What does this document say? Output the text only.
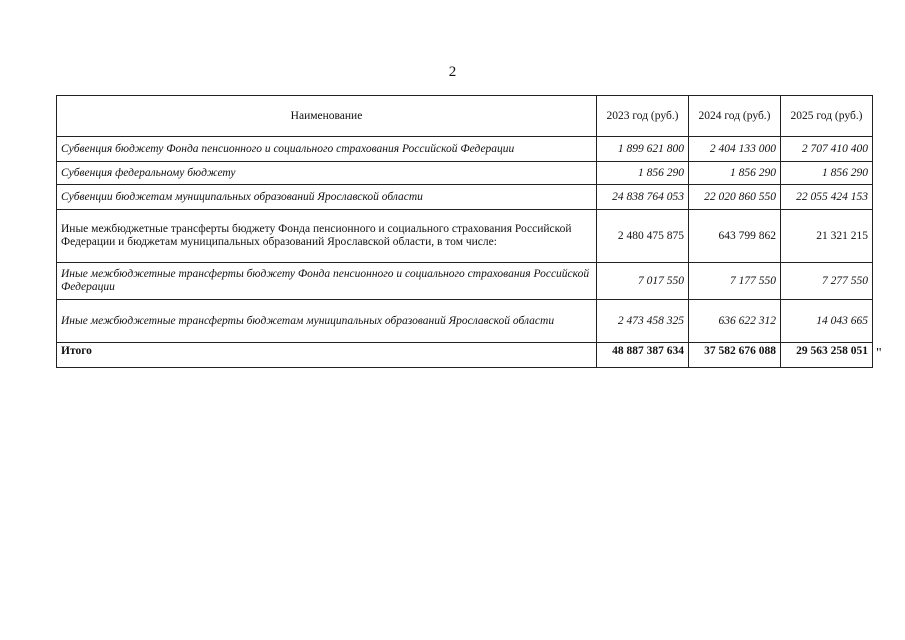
2
Наименование	2023 год (руб.)	2024 год (руб.)	2025 год (руб.)
Субвенция бюджету Фонда пенсионного и социального страхования Российской Федерации	1 899 621 800	2 404 133 000	2 707 410 400
Субвенция федеральному бюджету	1 856 290	1 856 290	1 856 290
Субвенции бюджетам муниципальных образований Ярославской области	24 838 764 053	22 020 860 550	22 055 424 153
Иные межбюджетные трансферты бюджету Фонда пенсионного и социального страхования Российской Федерации и бюджетам муниципальных образований Ярославской области, в том числе:	2 480 475 875	643 799 862	21 321 215
Иные межбюджетные трансферты бюджету Фонда пенсионного и социального страхования Российской Федерации	7 017 550	7 177 550	7 277 550
Иные межбюджетные трансферты бюджетам муниципальных образований Ярославской области	2 473 458 325	636 622 312	14 043 665
Итого	48 887 387 634	37 582 676 088	29 563 258 051 "
